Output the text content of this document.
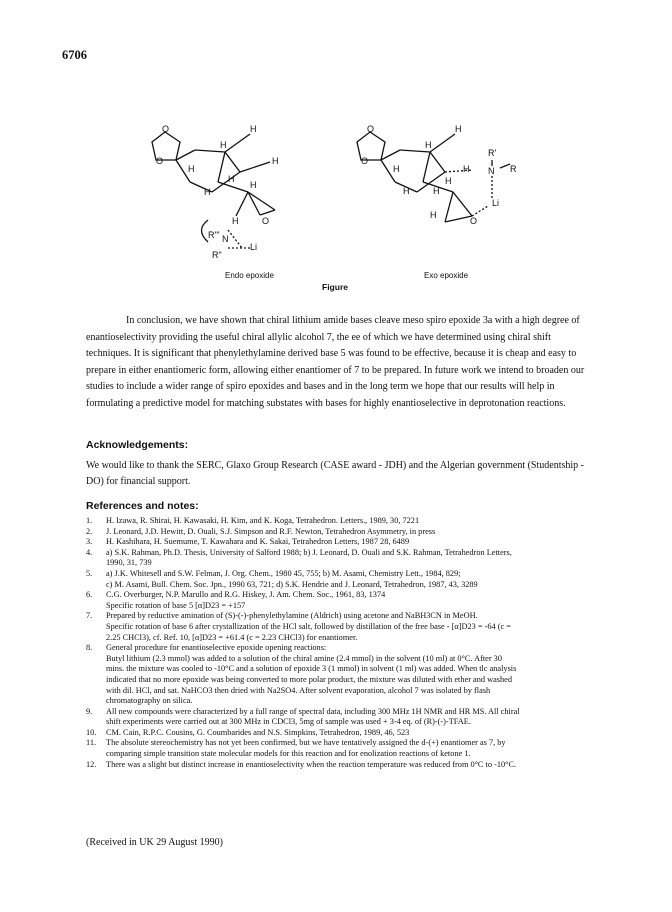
6706
O
O
H
H
H
H
H
H
H
H	O
R''' N
Li
R"
O
O
H
H
H
H
H
H	H
H
O
R'
N R
Li
Endo epoxide	Exo epoxide
Figure

In conclusion, we have shown that chiral lithium amide bases cleave meso spiro epoxide 3a with a high degree of enantioselectivity providing the useful chiral allylic alcohol 7, the ee of which we have determined using chiral shift techniques. It is significant that phenylethylamine derived base 5 was found to be effective, because it is cheap and easy to prepare in either enantiomeric form, allowing either enantiomer of 7 to be prepared. In future work we intend to broaden our studies to include a wider range of spiro epoxides and bases and in the long term we hope that our results will help in formulating a predictive model for matching substates with bases for highly enantioselective in deprotonation reactions.

Acknowledgements:
We would like to thank the SERC, Glaxo Group Research (CASE award - JDH) and the Algerian government (Studentship - DO) for financial support.
References and notes:
1.	H. Izawa, R. Shirai, H. Kawasaki, H. Kim, and K. Koga, Tetrahedron. Letters., 1989, 30, 7221
2.	J. Leonard, J.D. Hewitt, D. Ouali, S.J. Simpson and R.F. Newton, Tetrahedron Asymmetry, in press
3.	H. Kashihara, H. Suemume, T. Kawahara and K. Sakai, Tetrahedron Letters, 1987 28, 6489
4.	a) S.K. Rahman, Ph.D. Thesis, University of Salford 1988; b) J. Leonard, D. Ouali and S.K. Rahman, Tetrahedron Letters,
1990, 31, 739
5.	a) J.K. Whitesell and S.W. Felman, J. Org. Chem., 1980 45, 755; b) M. Asami, Chemistry Lett., 1984, 829;
c) M. Asami, Bull. Chem. Soc. Jpn., 1990 63, 721; d) S.K. Hendrie and J. Leonard, Tetrahedron, 1987, 43, 3289
6.	C.G. Overburger, N.P. Marullo and R.G. Hiskey, J. Am. Chem. Soc., 1961, 83, 1374
Specific rotation of base 5 [α]D23 = +157
7.	Prepared by reductive amination of (S)-(-)-phenylethylamine (Aldrich) using acetone and NaBH3CN in MeOH.
Specific rotation of base 6 after crystallization of the HCl salt, followed by distillation of the free base - [α]D23 = -64 (c =
2.25 CHCl3), cf. Ref. 10, [α]D23 = +61.4 (c = 2.23 CHCl3) for enantiomer.
8.	General procedure for enantioselective epoxide opening reactions:
Butyl lithium (2.3 mmol) was added to a solution of the chiral amine (2.4 mmol) in the solvent (10 ml) at 0°C. After 30
mins. the mixture was cooled to -10°C and a solution of epoxide 3 (1 mmol) in solvent (1 ml) was added. When tlc analysis
indicated that no more epoxide was being converted to more polar product, the mixture was diluted with ether and washed
with dil. HCl, and sat. NaHCO3 then dried with Na2SO4. After solvent evaporation, alcohol 7 was isolated by flash
chromatography on silica.
9.	All new compounds were characterized by a full range of spectral data, including 300 MHz 1H NMR and HR MS. All chiral
shift experiments were carried out at 300 MHz in CDCl3, 5mg of sample was used + 3-4 eq. of (R)-(-)-TFAE.
10.	CM. Cain, R.P.C. Cousins, G. Coumbarides and N.S. Simpkins, Tetrahedron, 1989, 46, 523
11.	The absolute stereochemistry has not yet been confirmed, but we have tentatively assigned the d-(+) enantiomer as 7, by
comparing simple transition state molecular models for this reaction and for enolization reactions of ketone 1.
12.	There was a slight but distinct increase in enantioselectivity when the reaction temperature was reduced from 0°C to -10°C.
(Received in UK 29 August 1990)
